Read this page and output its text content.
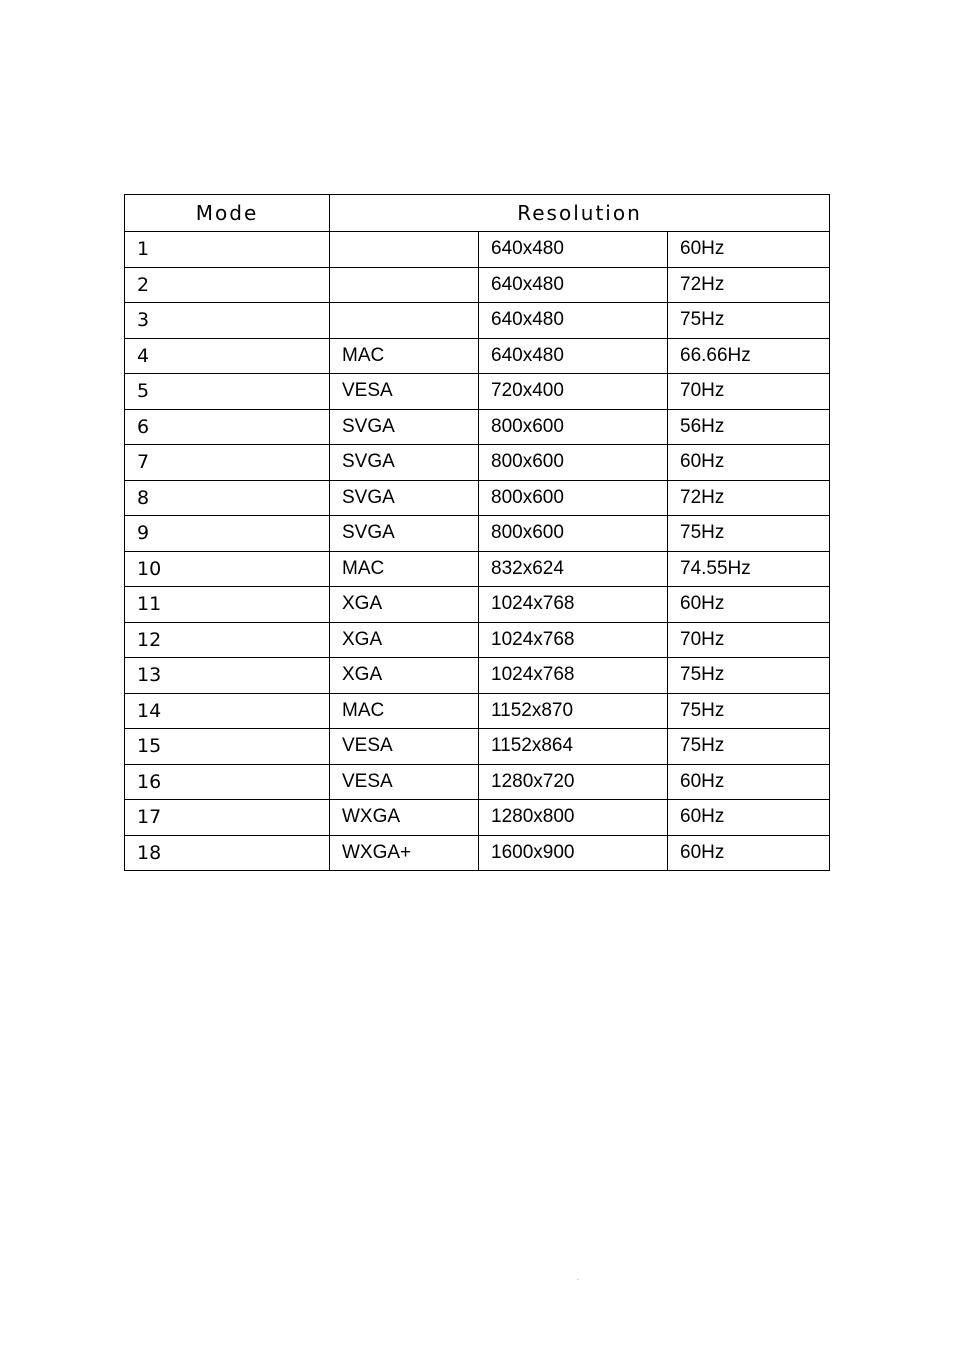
Mode	Resolution		
1		640x480	60Hz
2		640x480	72Hz
3		640x480	75Hz
4	MAC	640x480	66.66Hz
5	VESA	720x400	70Hz
6	SVGA	800x600	56Hz
7	SVGA	800x600	60Hz
8	SVGA	800x600	72Hz
9	SVGA	800x600	75Hz
10	MAC	832x624	74.55Hz
11	XGA	1024x768	60Hz
12	XGA	1024x768	70Hz
13	XGA	1024x768	75Hz
14	MAC	1152x870	75Hz
15	VESA	1152x864	75Hz
16	VESA	1280x720	60Hz
17	WXGA	1280x800	60Hz
18	WXGA+	1600x900	60Hz
.
